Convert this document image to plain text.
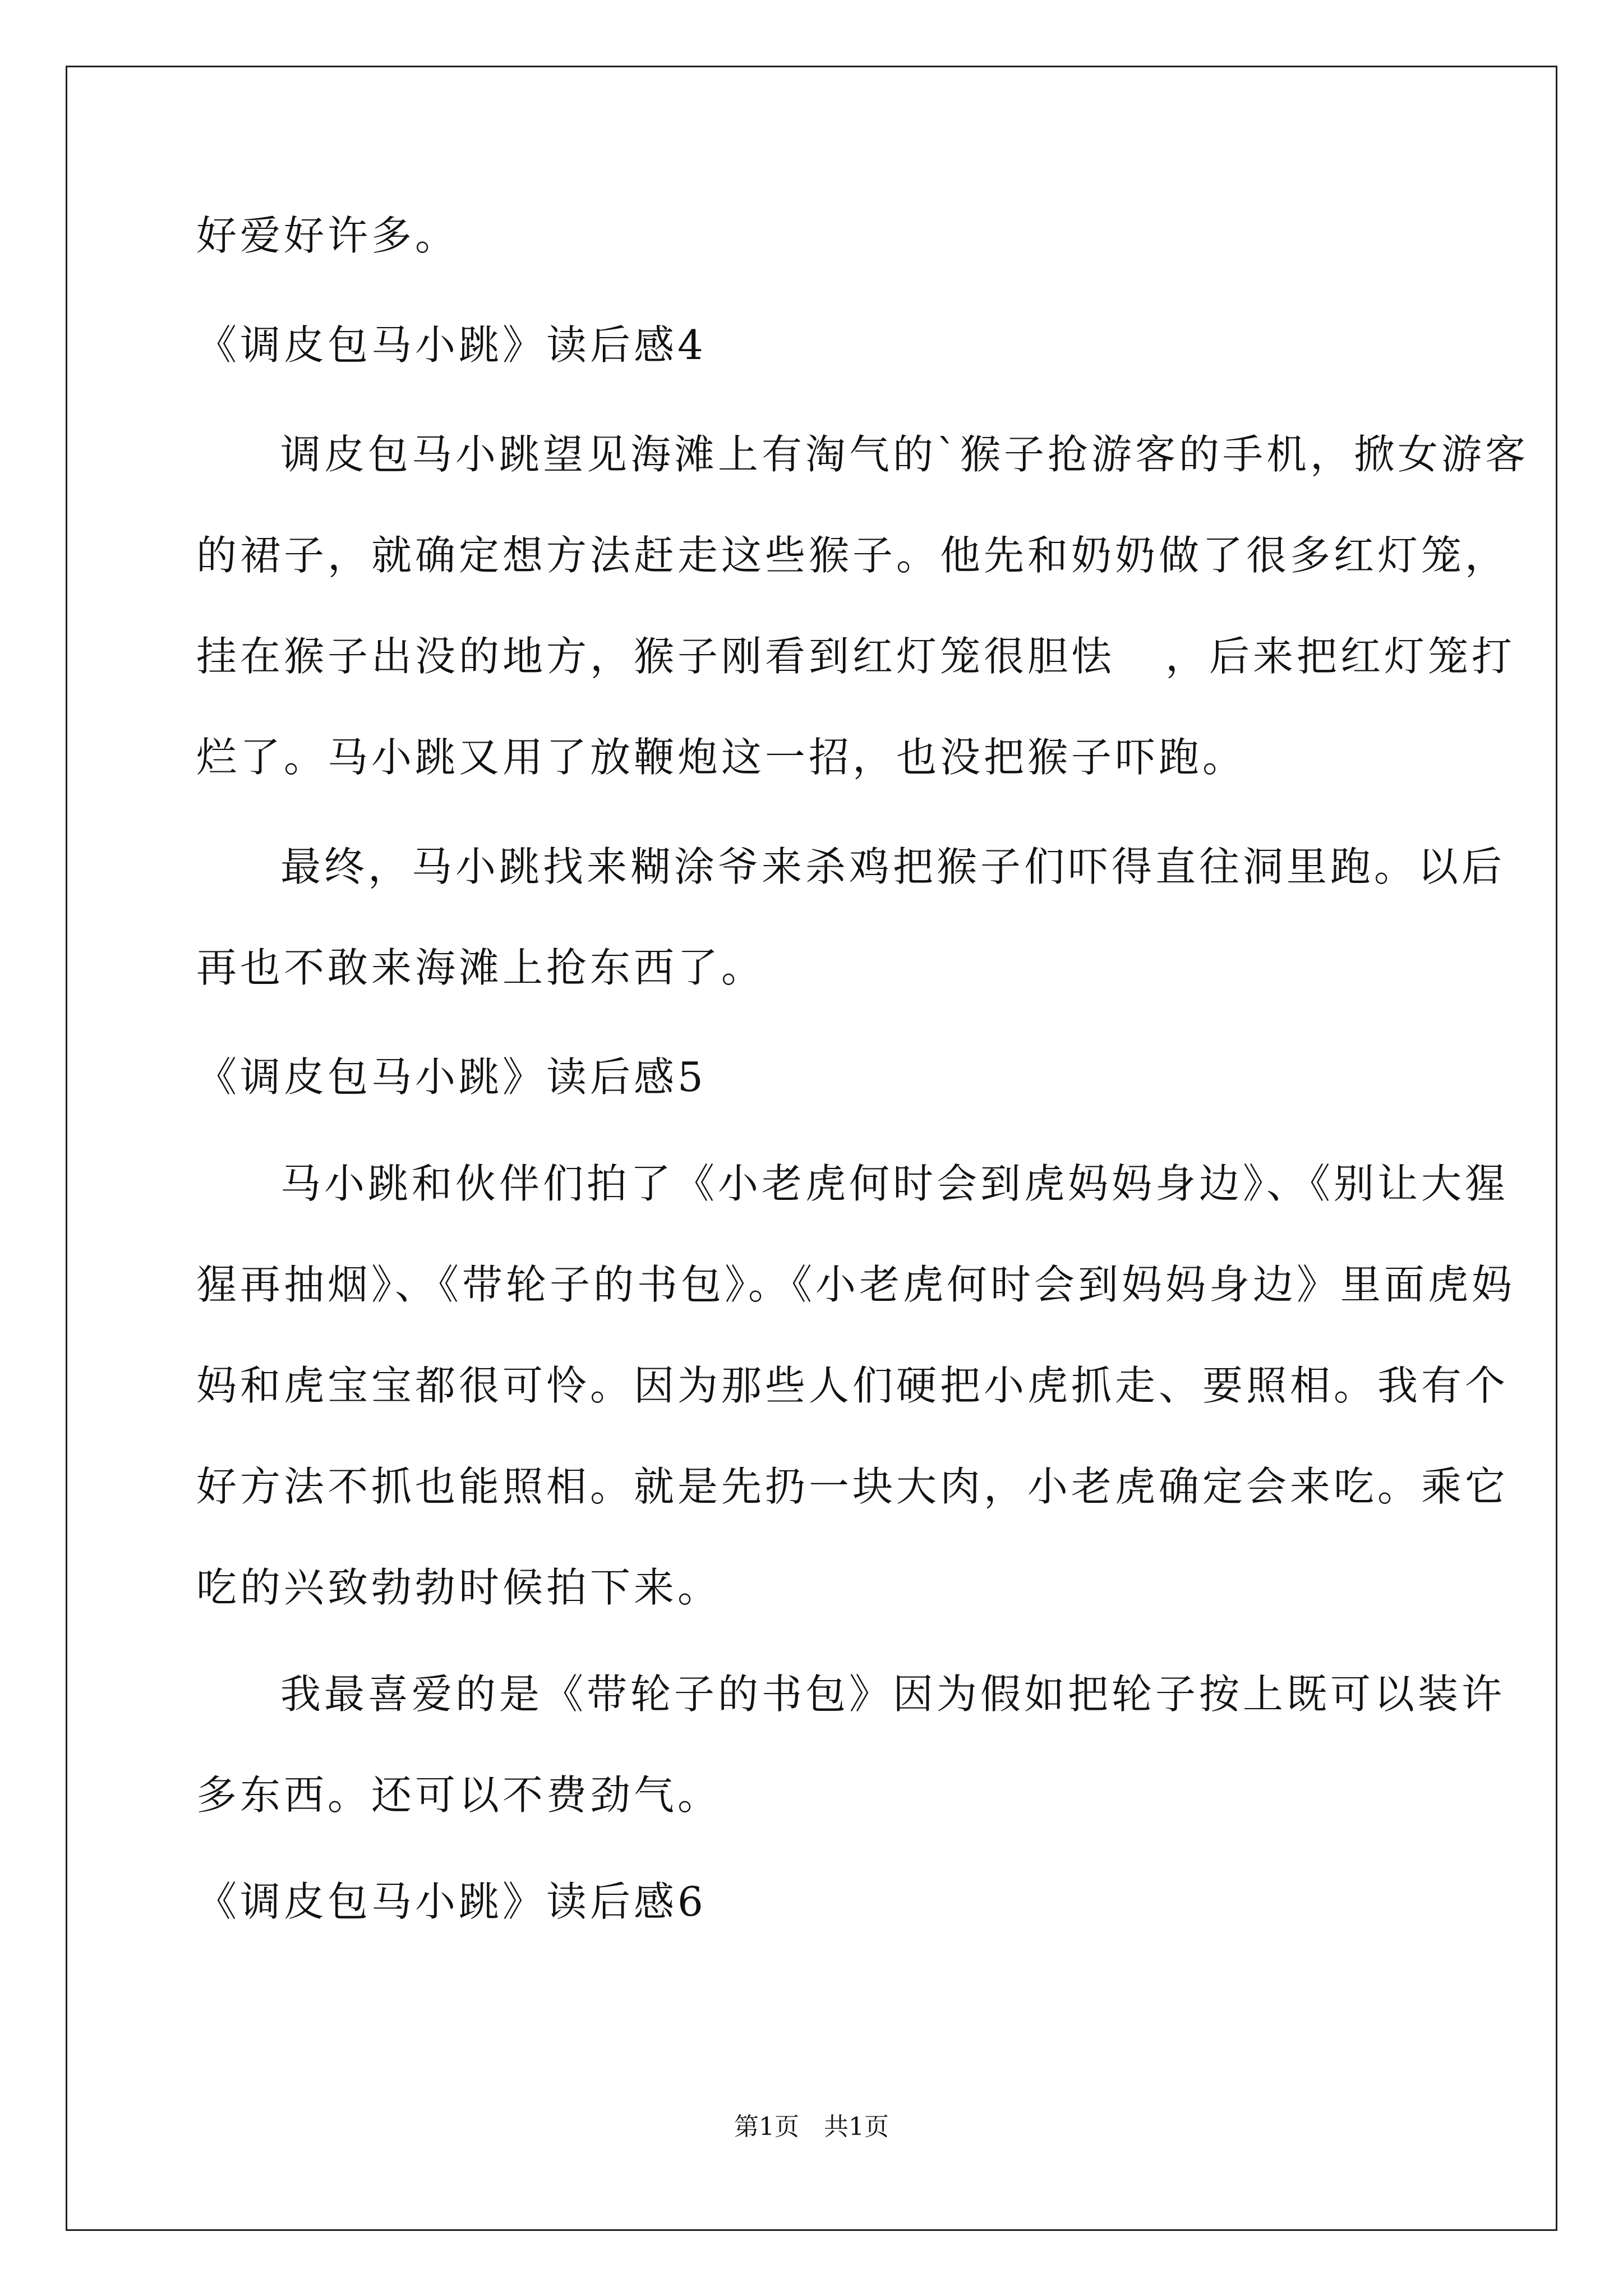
好爱好许多。
《调皮包马小跳》读后感4
调皮包马小跳望见海滩上有淘气的`猴子抢游客的手机，掀女游客
的裙子，就确定想方法赶走这些猴子。他先和奶奶做了很多红灯笼，
挂在猴子出没的地方，猴子刚看到红灯笼很胆怯 ，后来把红灯笼打
烂了。马小跳又用了放鞭炮这一招，也没把猴子吓跑。
最终，马小跳找来糊涂爷来杀鸡把猴子们吓得直往洞里跑。以后
再也不敢来海滩上抢东西了。
《调皮包马小跳》读后感5
马小跳和伙伴们拍了《小老虎何时会到虎妈妈身边》、《别让大猩
猩再抽烟》、《带轮子的书包》。《小老虎何时会到妈妈身边》里面虎妈
妈和虎宝宝都很可怜。因为那些人们硬把小虎抓走、要照相。我有个
好方法不抓也能照相。就是先扔一块大肉，小老虎确定会来吃。乘它
吃的兴致勃勃时候拍下来。
我最喜爱的是《带轮子的书包》因为假如把轮子按上既可以装许
多东西。还可以不费劲气。
《调皮包马小跳》读后感6
第1页　共1页
